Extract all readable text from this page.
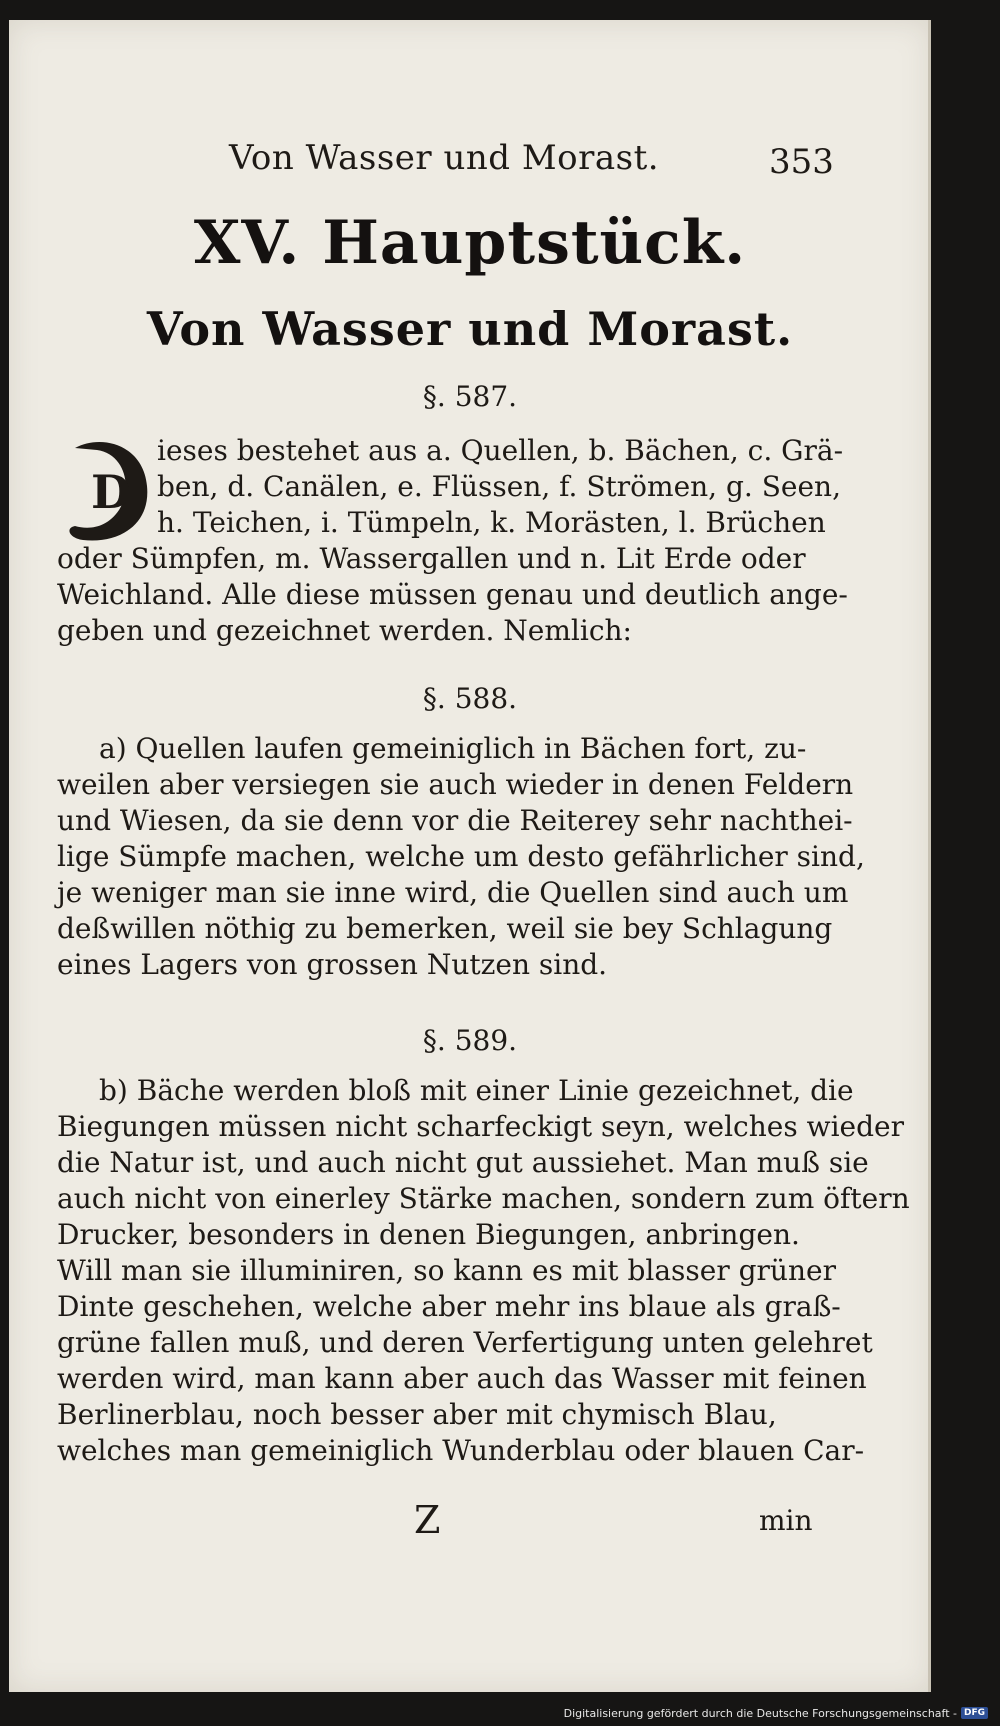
Von Wasser und Morast.	353
XV. Hauptstück.
Von Wasser und Morast.
§. 587.
D
ieses bestehet aus a. Quellen, b. Bächen, c. Grä-
ben, d. Canälen, e. Flüssen, f. Strömen, g. Seen,
h. Teichen, i. Tümpeln, k. Morästen, l. Brüchen
oder Sümpfen, m. Wassergallen und n. Lit Erde oder
Weichland. Alle diese müssen genau und deutlich ange-
geben und gezeichnet werden. Nemlich:
§. 588.
a) Quellen laufen gemeiniglich in Bächen fort, zu-
weilen aber versiegen sie auch wieder in denen Feldern
und Wiesen, da sie denn vor die Reiterey sehr nachthei-
lige Sümpfe machen, welche um desto gefährlicher sind,
je weniger man sie inne wird, die Quellen sind auch um
deßwillen nöthig zu bemerken, weil sie bey Schlagung
eines Lagers von grossen Nutzen sind.
§. 589.
b) Bäche werden bloß mit einer Linie gezeichnet, die
Biegungen müssen nicht scharfeckigt seyn, welches wieder
die Natur ist, und auch nicht gut aussiehet. Man muß sie
auch nicht von einerley Stärke machen, sondern zum öftern
Drucker, besonders in denen Biegungen, anbringen.
Will man sie illuminiren, so kann es mit blasser grüner
Dinte geschehen, welche aber mehr ins blaue als graß-
grüne fallen muß, und deren Verfertigung unten gelehret
werden wird, man kann aber auch das Wasser mit feinen
Berlinerblau, noch besser aber mit chymisch Blau,
welches man gemeiniglich Wunderblau oder blauen Car-
Z	min
Digitalisierung gefördert durch die Deutsche Forschungsgemeinschaft - DFG
